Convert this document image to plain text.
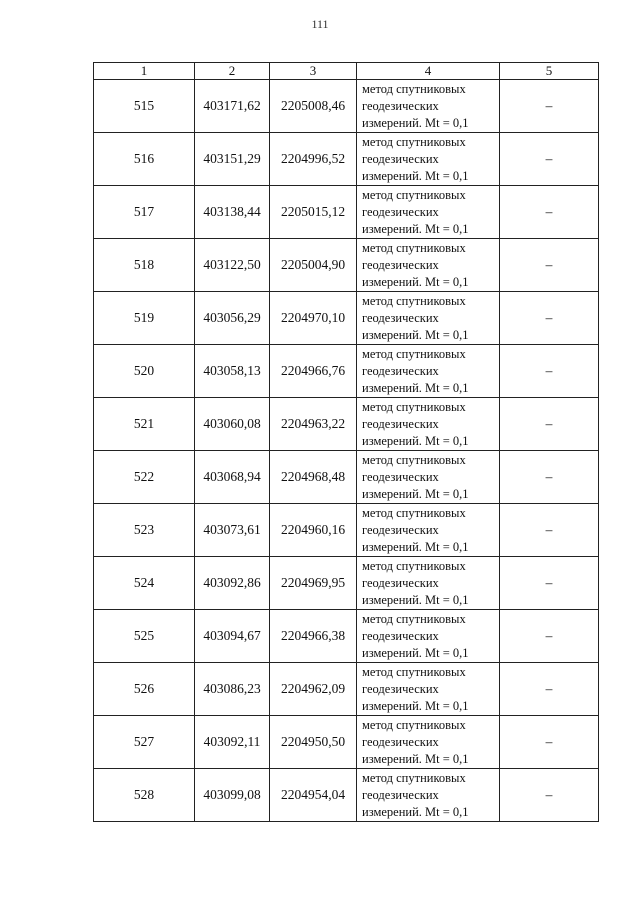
111
1	2	3	4	5
515	403171,62	2205008,46	метод спутниковых
геодезических
измерений. Mt = 0,1	–
516	403151,29	2204996,52	метод спутниковых
геодезических
измерений. Mt = 0,1	–
517	403138,44	2205015,12	метод спутниковых
геодезических
измерений. Mt = 0,1	–
518	403122,50	2205004,90	метод спутниковых
геодезических
измерений. Mt = 0,1	–
519	403056,29	2204970,10	метод спутниковых
геодезических
измерений. Mt = 0,1	–
520	403058,13	2204966,76	метод спутниковых
геодезических
измерений. Mt = 0,1	–
521	403060,08	2204963,22	метод спутниковых
геодезических
измерений. Mt = 0,1	–
522	403068,94	2204968,48	метод спутниковых
геодезических
измерений. Mt = 0,1	–
523	403073,61	2204960,16	метод спутниковых
геодезических
измерений. Mt = 0,1	–
524	403092,86	2204969,95	метод спутниковых
геодезических
измерений. Mt = 0,1	–
525	403094,67	2204966,38	метод спутниковых
геодезических
измерений. Mt = 0,1	–
526	403086,23	2204962,09	метод спутниковых
геодезических
измерений. Mt = 0,1	–
527	403092,11	2204950,50	метод спутниковых
геодезических
измерений. Mt = 0,1	–
528	403099,08	2204954,04	метод спутниковых
геодезических
измерений. Mt = 0,1	–
